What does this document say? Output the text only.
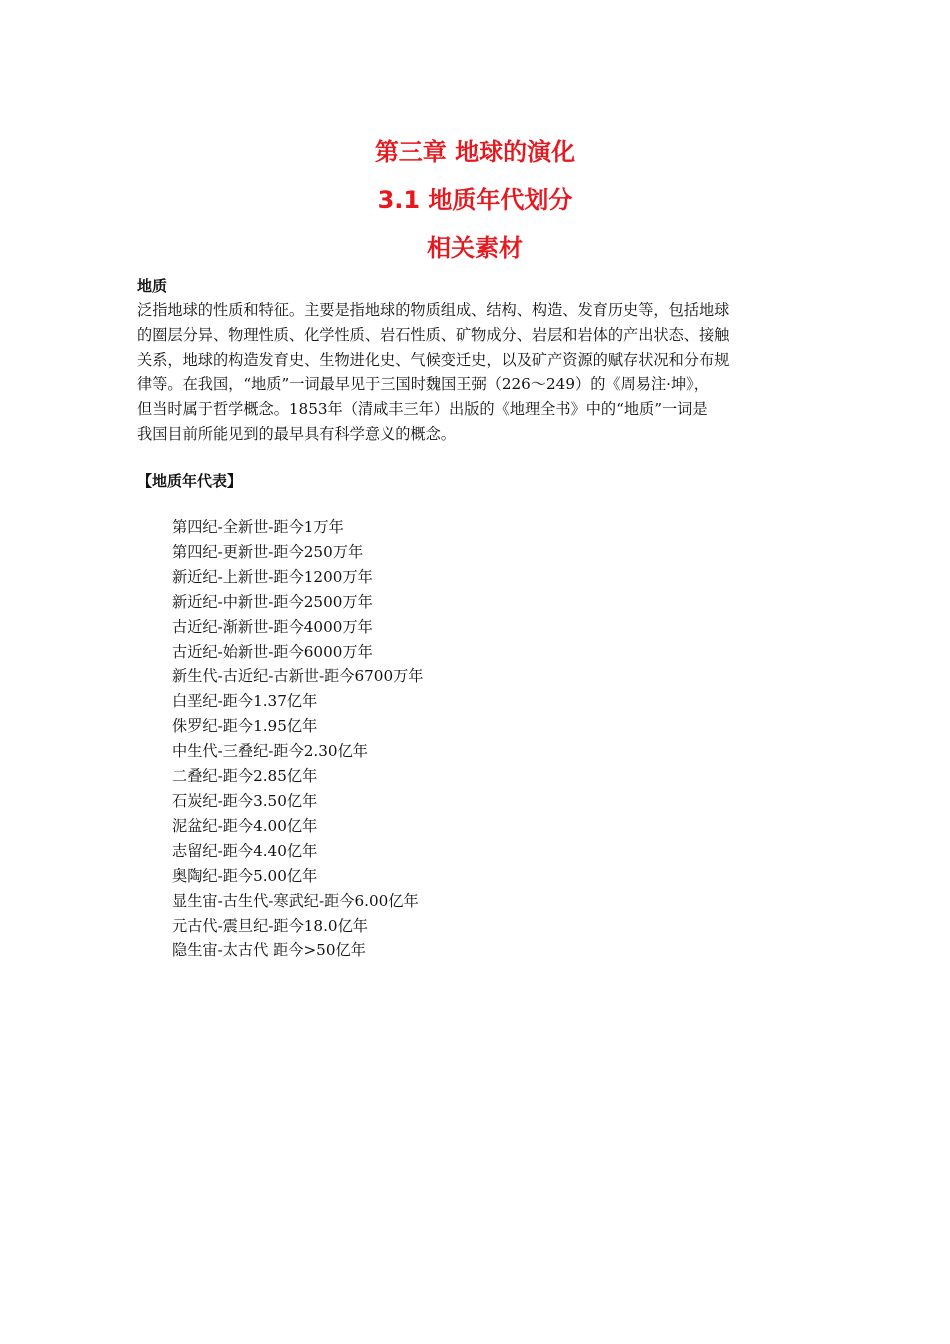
第三章 地球的演化
3.1 地质年代划分
相关素材
地质
泛指地球的性质和特征。主要是指地球的物质组成、结构、构造、发育历史等，包括地球
的圈层分异、物理性质、化学性质、岩石性质、矿物成分、岩层和岩体的产出状态、接触
关系，地球的构造发育史、生物进化史、气候变迁史，以及矿产资源的赋存状况和分布规
律等。在我国，“地质”一词最早见于三国时魏国王弼（226～249）的《周易注·坤》，
但当时属于哲学概念。1853年（清咸丰三年）出版的《地理全书》中的“地质”一词是
我国目前所能见到的最早具有科学意义的概念。
【地质年代表】
第四纪-全新世-距今1万年
第四纪-更新世-距今250万年
新近纪-上新世-距今1200万年
新近纪-中新世-距今2500万年
古近纪-渐新世-距今4000万年
古近纪-始新世-距今6000万年
新生代-古近纪-古新世-距今6700万年
白垩纪-距今1.37亿年
侏罗纪-距今1.95亿年
中生代-三叠纪-距今2.30亿年
二叠纪-距今2.85亿年
石炭纪-距今3.50亿年
泥盆纪-距今4.00亿年
志留纪-距今4.40亿年
奥陶纪-距今5.00亿年
显生宙-古生代-寒武纪-距今6.00亿年
元古代-震旦纪-距今18.0亿年
隐生宙-太古代 距今>50亿年
